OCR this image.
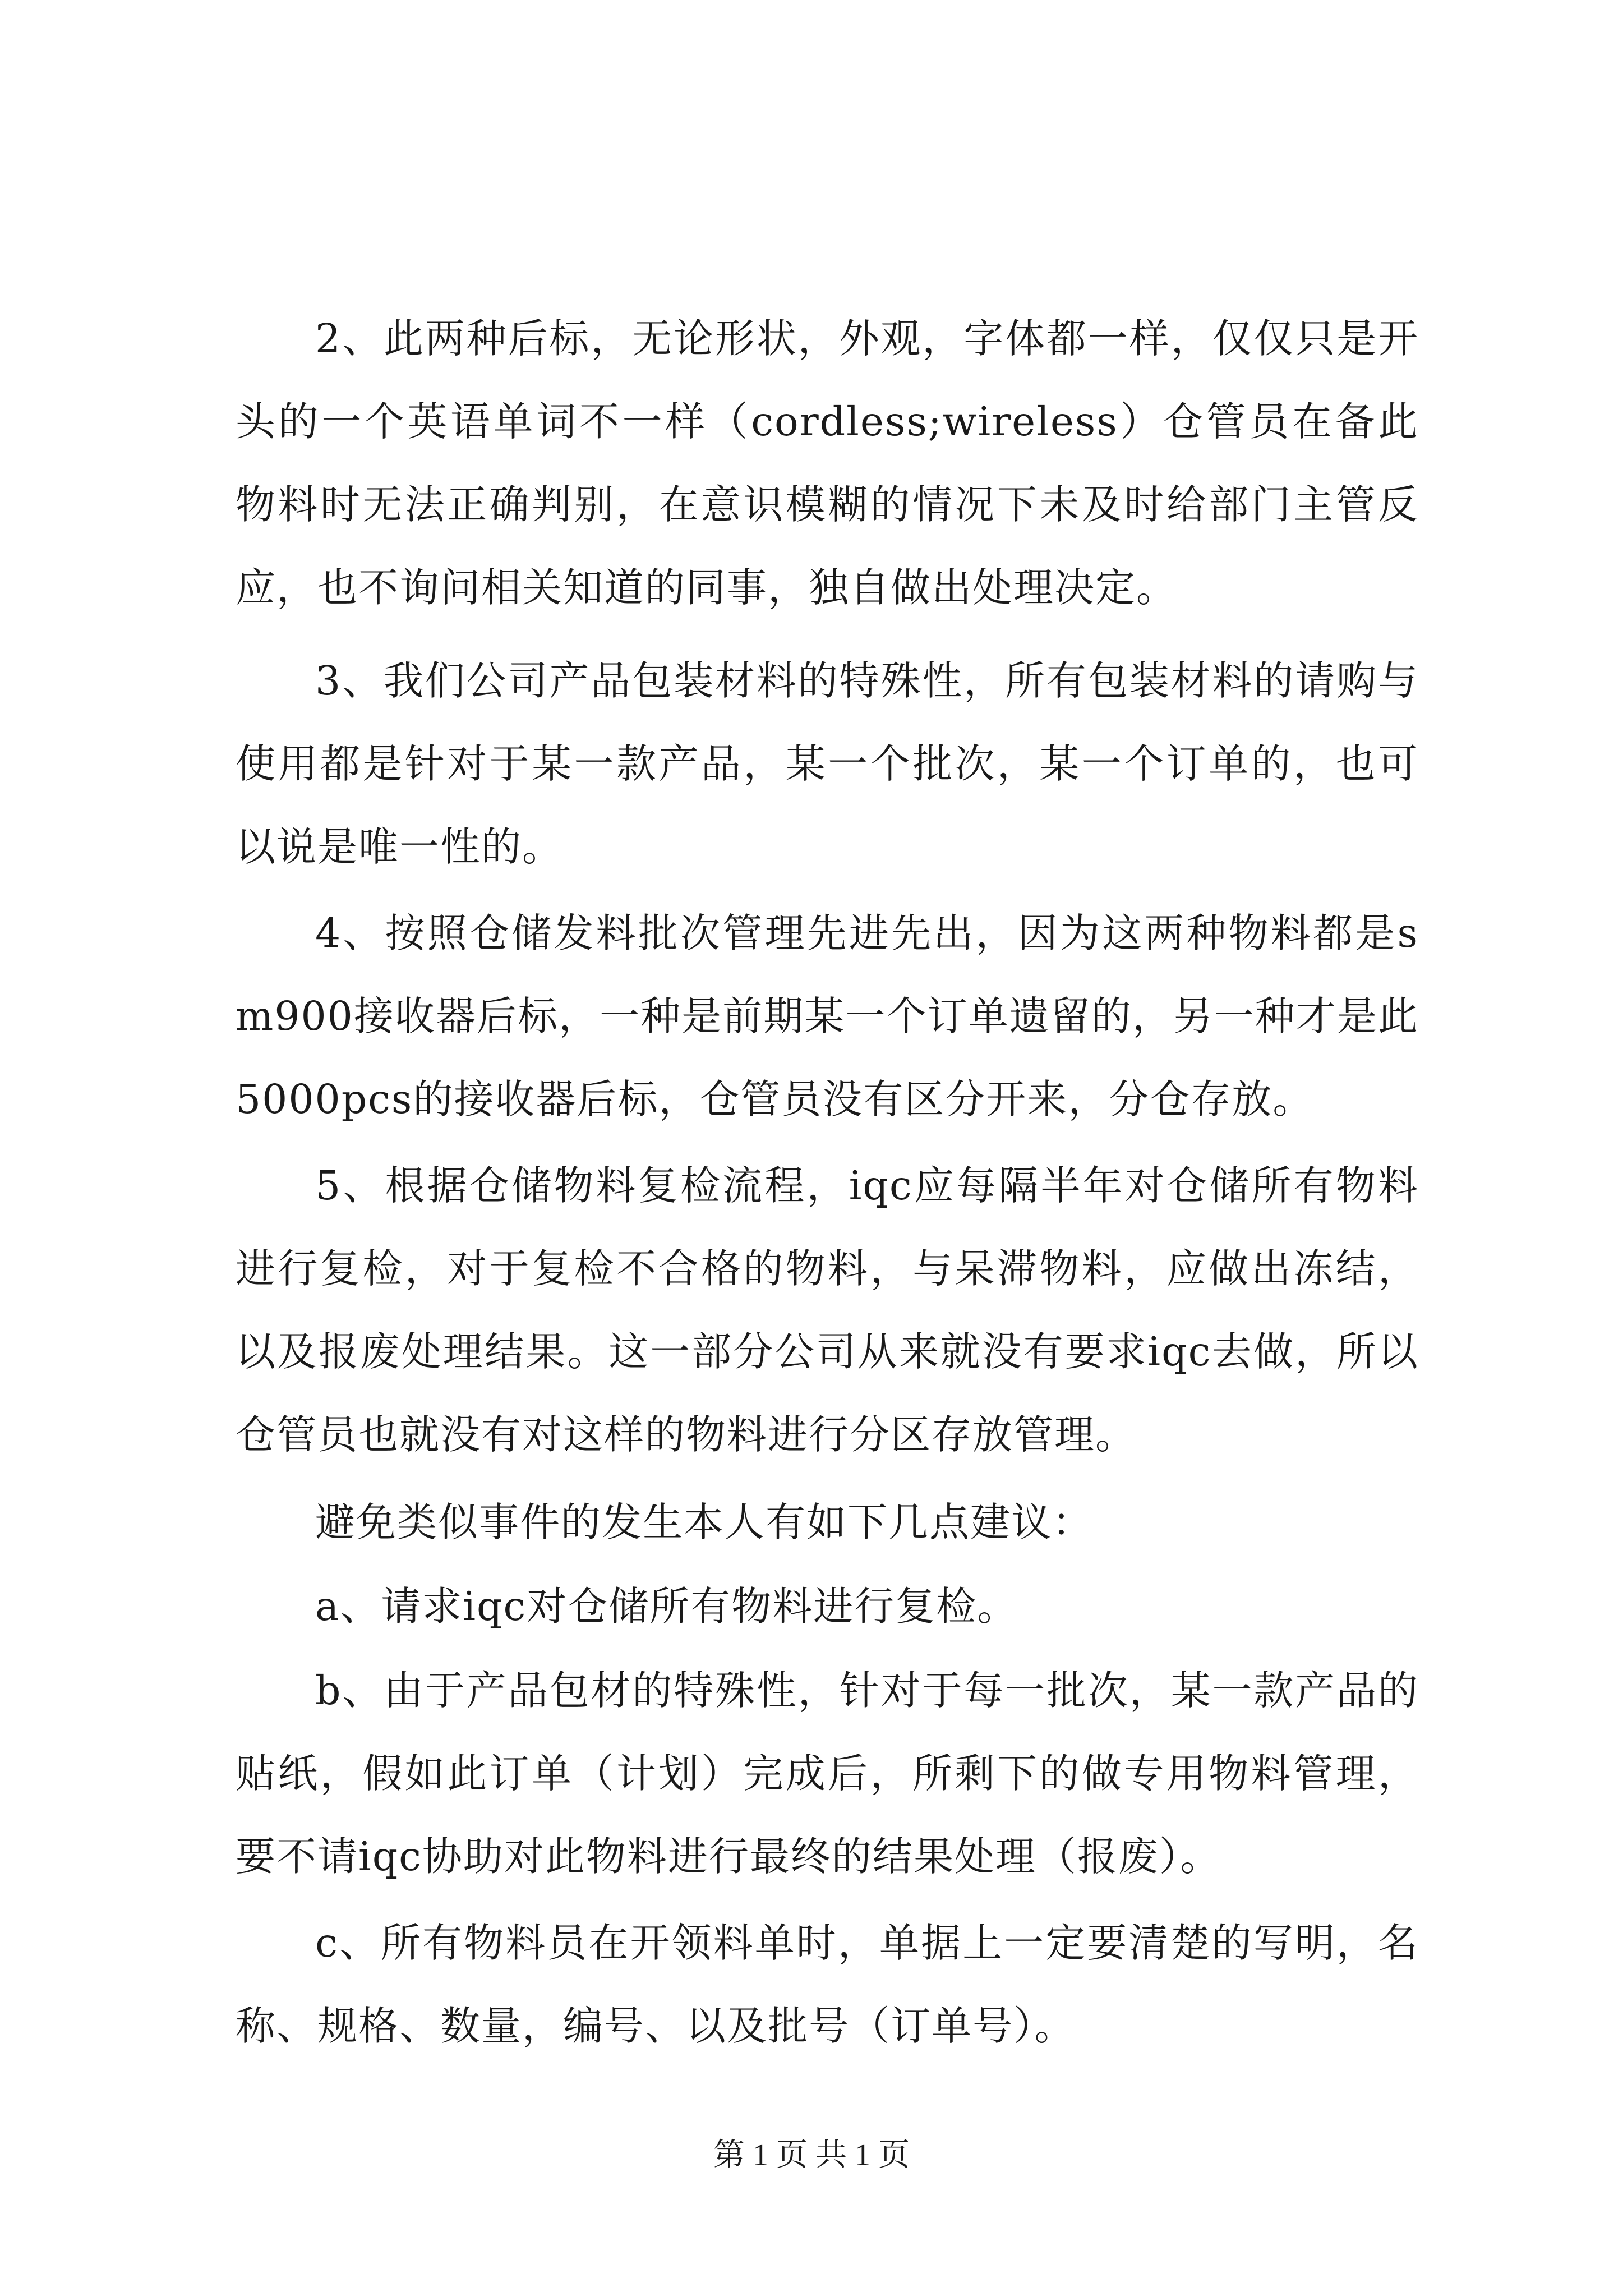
2、此两种后标，无论形状，外观，字体都一样，仅仅只是开头的一个英语单词不一样（cordless;wireless）仓管员在备此物料时无法正确判别，在意识模糊的情况下未及时给部门主管反应，也不询问相关知道的同事，独自做出处理决定。

3、我们公司产品包装材料的特殊性，所有包装材料的请购与使用都是针对于某一款产品，某一个批次，某一个订单的，也可以说是唯一性的。

4、按照仓储发料批次管理先进先出，因为这两种物料都是sm900接收器后标，一种是前期某一个订单遗留的，另一种才是此5000pcs的接收器后标，仓管员没有区分开来，分仓存放。

5、根据仓储物料复检流程，iqc应每隔半年对仓储所有物料进行复检，对于复检不合格的物料，与呆滞物料，应做出冻结，以及报废处理结果。这一部分公司从来就没有要求iqc去做，所以仓管员也就没有对这样的物料进行分区存放管理。

避免类似事件的发生本人有如下几点建议：

a、请求iqc对仓储所有物料进行复检。

b、由于产品包材的特殊性，针对于每一批次，某一款产品的贴纸，假如此订单（计划）完成后，所剩下的做专用物料管理，要不请iqc协助对此物料进行最终的结果处理（报废）。

c、所有物料员在开领料单时，单据上一定要清楚的写明，名称、规格、数量，编号、以及批号（订单号）。

第 1 页 共 1 页
